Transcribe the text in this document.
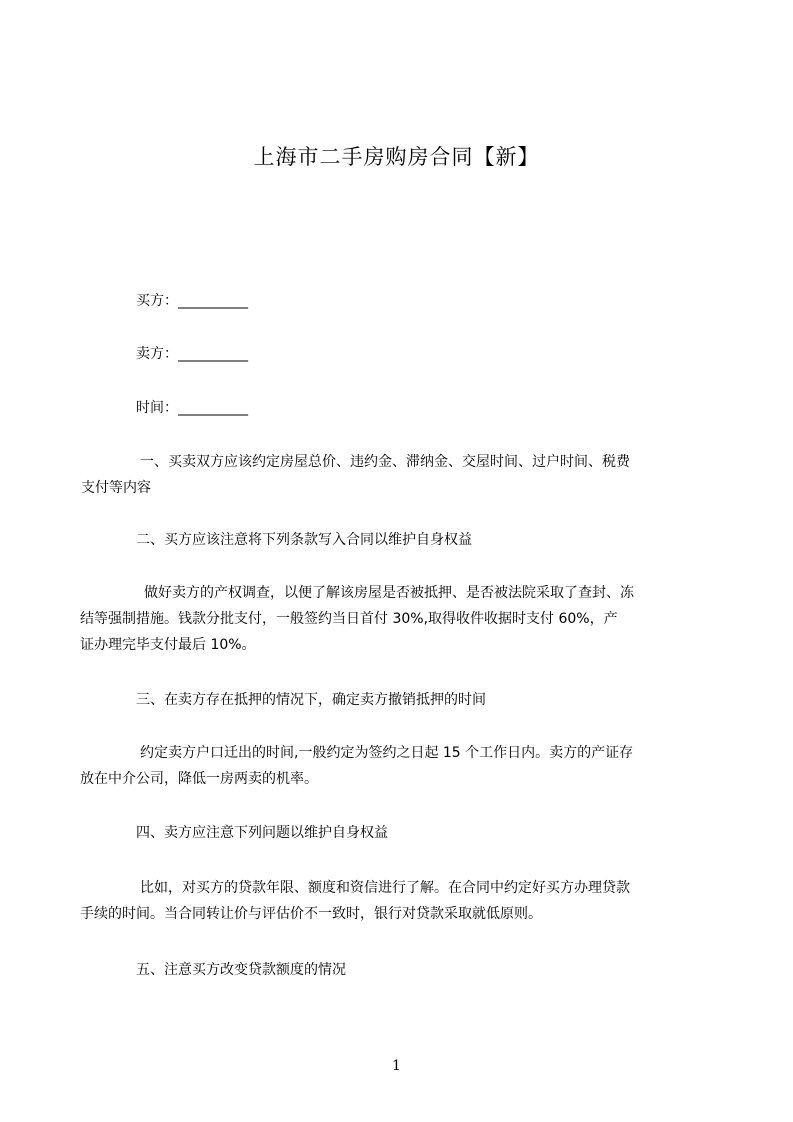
上海市二手房购房合同【新】
买方：__________
卖方：__________
时间：__________
一、买卖双方应该约定房屋总价、违约金、滞纳金、交屋时间、过户时间、税费
支付等内容
二、买方应该注意将下列条款写入合同以维护自身权益
做好卖方的产权调查，以便了解该房屋是否被抵押、是否被法院采取了查封、冻
结等强制措施。钱款分批支付，一般签约当日首付 30%,取得收件收据时支付 60%，产
证办理完毕支付最后 10%。
三、在卖方存在抵押的情况下，确定卖方撤销抵押的时间
约定卖方户口迁出的时间,一般约定为签约之日起 15 个工作日内。卖方的产证存
放在中介公司，降低一房两卖的机率。
四、卖方应注意下列问题以维护自身权益
比如，对买方的贷款年限、额度和资信进行了解。在合同中约定好买方办理贷款
手续的时间。当合同转让价与评估价不一致时，银行对贷款采取就低原则。
五、注意买方改变贷款额度的情况
1
